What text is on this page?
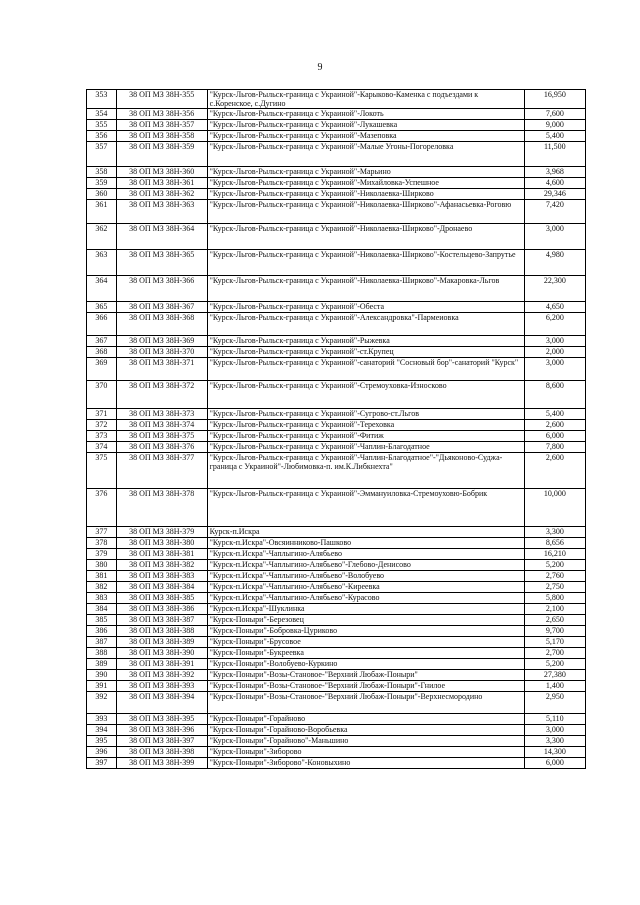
9
353	38 ОП МЗ 38Н-355	"Курск-Льгов-Рыльск-граница с Украиной"-Карыково-Каменка с подъездами к с.Коренское, с.Дугино	16,950
354	38 ОП МЗ 38Н-356	"Курск-Льгов-Рыльск-граница с Украиной"-Локоть	7,600
355	38 ОП МЗ 38Н-357	"Курск-Льгов-Рыльск-граница с Украиной"-Лукашевка	9,000
356	38 ОП МЗ 38Н-358	"Курск-Льгов-Рыльск-граница с Украиной"-Мазеповка	5,400
357	38 ОП МЗ 38Н-359	"Курск-Льгов-Рыльск-граница с Украиной"-Малые Угоны-Погореловка	11,500
358	38 ОП МЗ 38Н-360	"Курск-Льгов-Рыльск-граница с Украиной"-Марьино	3,968
359	38 ОП МЗ 38Н-361	"Курск-Льгов-Рыльск-граница с Украиной"-Михайловка-Успешное	4,600
360	38 ОП МЗ 38Н-362	"Курск-Льгов-Рыльск-граница с Украиной"-Николаевка-Ширково	29,346
361	38 ОП МЗ 38Н-363	"Курск-Льгов-Рыльск-граница с Украиной"-Николаевка-Ширково"-Афанасьевка-Роговю	7,420
362	38 ОП МЗ 38Н-364	"Курск-Льгов-Рыльск-граница с Украиной"-Николаевка-Ширково"-Дронаево	3,000
363	38 ОП МЗ 38Н-365	"Курск-Льгов-Рыльск-граница с Украиной"-Николаевка-Ширково"-Костельцево-Запрутье	4,980
364	38 ОП МЗ 38Н-366	"Курск-Льгов-Рыльск-граница с Украиной"-Николаевка-Ширково"-Макаровка-Льгов	22,300
365	38 ОП МЗ 38Н-367	"Курск-Льгов-Рыльск-граница с Украиной"-Обеста	4,650
366	38 ОП МЗ 38Н-368	"Курск-Льгов-Рыльск-граница с Украиной"-Александровка"-Пармеиовка	6,200
367	38 ОП МЗ 38Н-369	"Курск-Льгов-Рыльск-граница с Украиной"-Рыжевка	3,000
368	38 ОП МЗ 38Н-370	"Курск-Льгов-Рыльск-граница с Украиной"-ст.Крупец	2,000
369	38 ОП МЗ 38Н-371	"Курск-Льгов-Рыльск-граница с Украиной"-санаторий "Сосновый бор"-санаторий "Курск"	3,000
370	38 ОП МЗ 38Н-372	"Курск-Льгов-Рыльск-граница с Украиной"-Стремоуховка-Износково	8,600
371	38 ОП МЗ 38Н-373	"Курск-Льгов-Рыльск-граница с Украиной"-Сугрово-ст.Льгов	5,400
372	38 ОП МЗ 38Н-374	"Курск-Льгов-Рыльск-граница с Украиной"-Тереховка	2,600
373	38 ОП МЗ 38Н-375	"Курск-Льгов-Рыльск-граница с Украиной"-Фитиж	6,000
374	38 ОП МЗ 38Н-376	"Курск-Льгов-Рыльск-граница с Украиной"-Чаплин-Благодатное	7,800
375	38 ОП МЗ 38Н-377	"Курск-Льгов-Рыльск-граница с Украиной"-Чаплин-Благодатное"-"Дьяконово-Суджа-граница с Украиной"-Любимовка-п. им.К.Либкнехта"	2,600
376	38 ОП МЗ 38Н-378	"Курск-Льгов-Рыльск-граница с Украиной"-Эммануиловка-Стремоуховю-Бобрик	10,000
377	38 ОП МЗ 38Н-379	Курск-п.Искра	3,300
378	38 ОП МЗ 38Н-380	"Курск-п.Искра"-Овсяинниково-Пашково	8,656
379	38 ОП МЗ 38Н-381	"Курск-п.Искра"-Чаплыгино-Алябьево	16,210
380	38 ОП МЗ 38Н-382	"Курск-п.Искра"-Чаплыгино-Алябьево"-Глебово-Денисово	5,200
381	38 ОП МЗ 38Н-383	"Курск-п.Искра"-Чаплыгино-Алябьево"-Волобуево	2,760
382	38 ОП МЗ 38Н-384	"Курск-п.Искра"-Чаплыгино-Алябьево"-Киреевка	2,750
383	38 ОП МЗ 38Н-385	"Курск-п.Искра"-Чаплыгино-Алябьево"-Курасово	5,800
384	38 ОП МЗ 38Н-386	"Курск-п.Искра"-Шуклинка	2,100
385	38 ОП МЗ 38Н-387	"Курск-Поныри"-Березовец	2,650
386	38 ОП МЗ 38Н-388	"Курск-Поныри"-Бобровка-Цуриково	9,700
387	38 ОП МЗ 38Н-389	"Курск-Поныри"-Брусовое	5,170
388	38 ОП МЗ 38Н-390	"Курск-Поныри"-Букреевка	2,700
389	38 ОП МЗ 38Н-391	"Курск-Поныри"-Волобуево-Куркино	5,200
390	38 ОП МЗ 38Н-392	"Курск-Поныри"-Возы-Становое-"Верхний Любаж-Поныри"	27,380
391	38 ОП МЗ 38Н-393	"Курск-Поныри"-Возы-Становое-"Верхний Любаж-Поныри"-Гнилое	1,400
392	38 ОП МЗ 38Н-394	"Курск-Поныри"-Возы-Становое-"Верхний Любаж-Поныри"-Верхнесмородино	2,950
393	38 ОП МЗ 38Н-395	"Курск-Поныри"-Горайново	5,110
394	38 ОП МЗ 38Н-396	"Курск-Поныри"-Горайново-Воробьевка	3,000
395	38 ОП МЗ 38Н-397	"Курск-Поныри"-Горайново"-Маньшино	3,300
396	38 ОП МЗ 38Н-398	"Курск-Поныри"-Зиборово	14,300
397	38 ОП МЗ 38Н-399	"Курск-Поныри"-Зиборово"-Коновыхино	6,000
